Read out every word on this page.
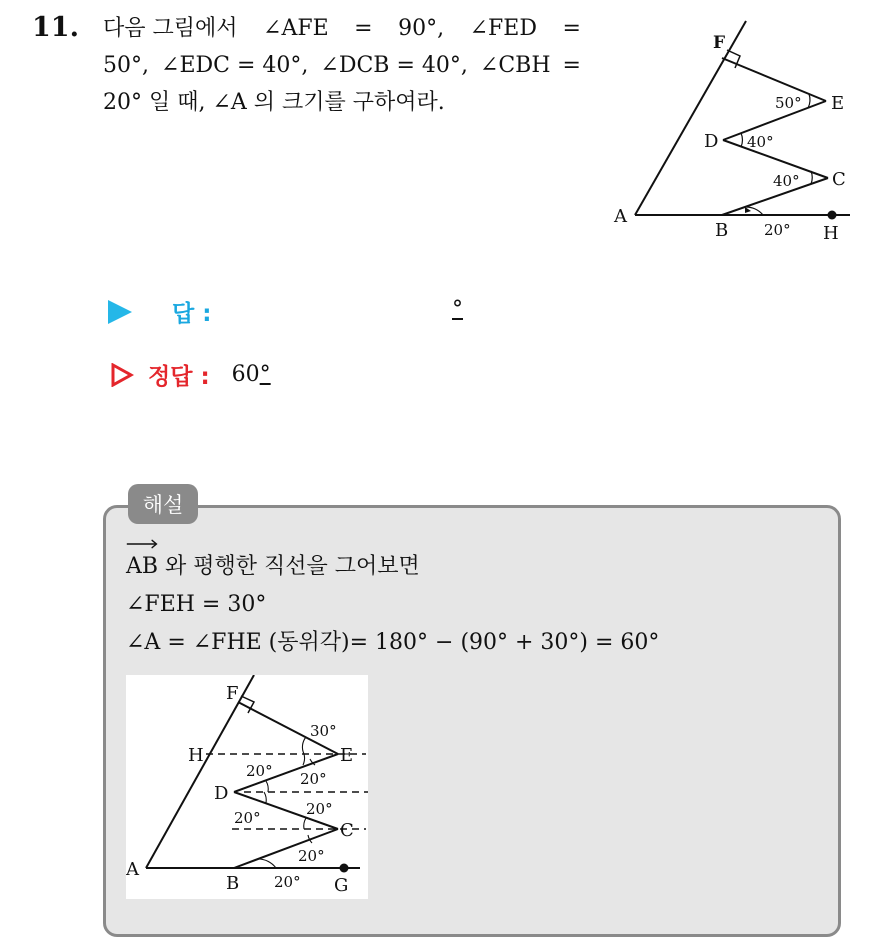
11. 다음 그림에서 ∠AFE = 90°, ∠FED =

50°, ∠EDC = 40°, ∠DCB = 40°, ∠CBH =

20° 일 때, ∠A 의 크기를 구하여라.

F
E
D
C
A
B	H
50°
40°
40°
20°
답 :	°
정답 : 60°
해설

AB 와 평행한 직선을 그어보면

∠FEH = 30°

∠A = ∠FHE (동위각)= 180° − (90° + 30°) = 60°

F
H	E
D
C
A
B	G
30°
20° 20°
20°
20°
20°
20°
